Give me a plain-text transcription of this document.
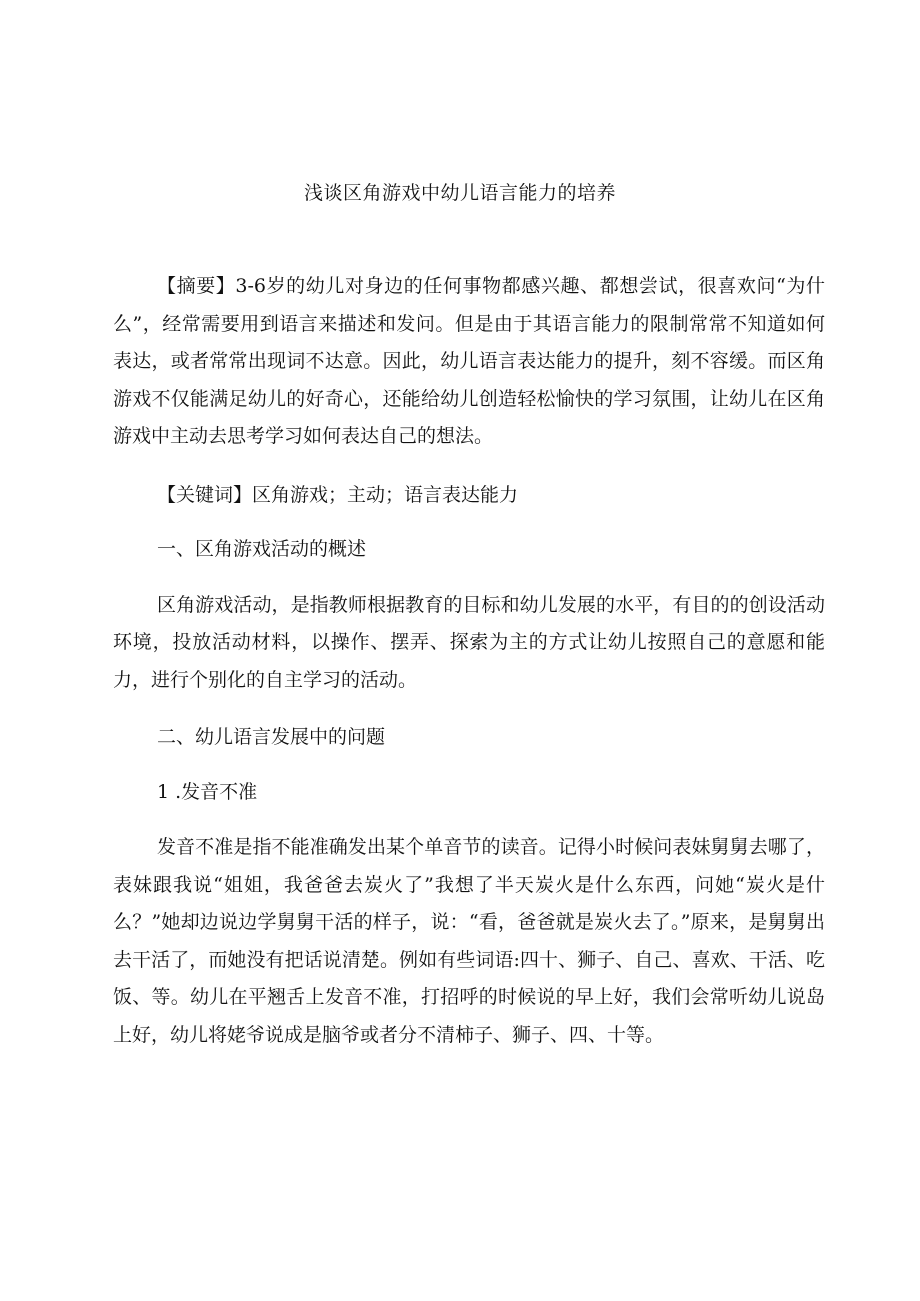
浅谈区角游戏中幼儿语言能力的培养

【摘要】3-6岁的幼儿对身边的任何事物都感兴趣、都想尝试，很喜欢问“为什么”，经常需要用到语言来描述和发问。但是由于其语言能力的限制常常不知道如何表达，或者常常出现词不达意。因此，幼儿语言表达能力的提升，刻不容缓。而区角游戏不仅能满足幼儿的好奇心，还能给幼儿创造轻松愉快的学习氛围，让幼儿在区角游戏中主动去思考学习如何表达自己的想法。

【关键词】区角游戏；主动；语言表达能力

一、区角游戏活动的概述

区角游戏活动，是指教师根据教育的目标和幼儿发展的水平，有目的的创设活动环境，投放活动材料，以操作、摆弄、探索为主的方式让幼儿按照自己的意愿和能力，进行个别化的自主学习的活动。

二、幼儿语言发展中的问题

1 .发音不准

发音不准是指不能准确发出某个单音节的读音。记得小时候问表妹舅舅去哪了，表妹跟我说“姐姐，我爸爸去炭火了”我想了半天炭火是什么东西，问她“炭火是什么？”她却边说边学舅舅干活的样子，说：“看，爸爸就是炭火去了。”原来，是舅舅出去干活了，而她没有把话说清楚。例如有些词语:四十、狮子、自己、喜欢、干活、吃饭、等。幼儿在平翘舌上发音不准，打招呼的时候说的早上好，我们会常听幼儿说岛上好，幼儿将姥爷说成是脑爷或者分不清柿子、狮子、四、十等。
